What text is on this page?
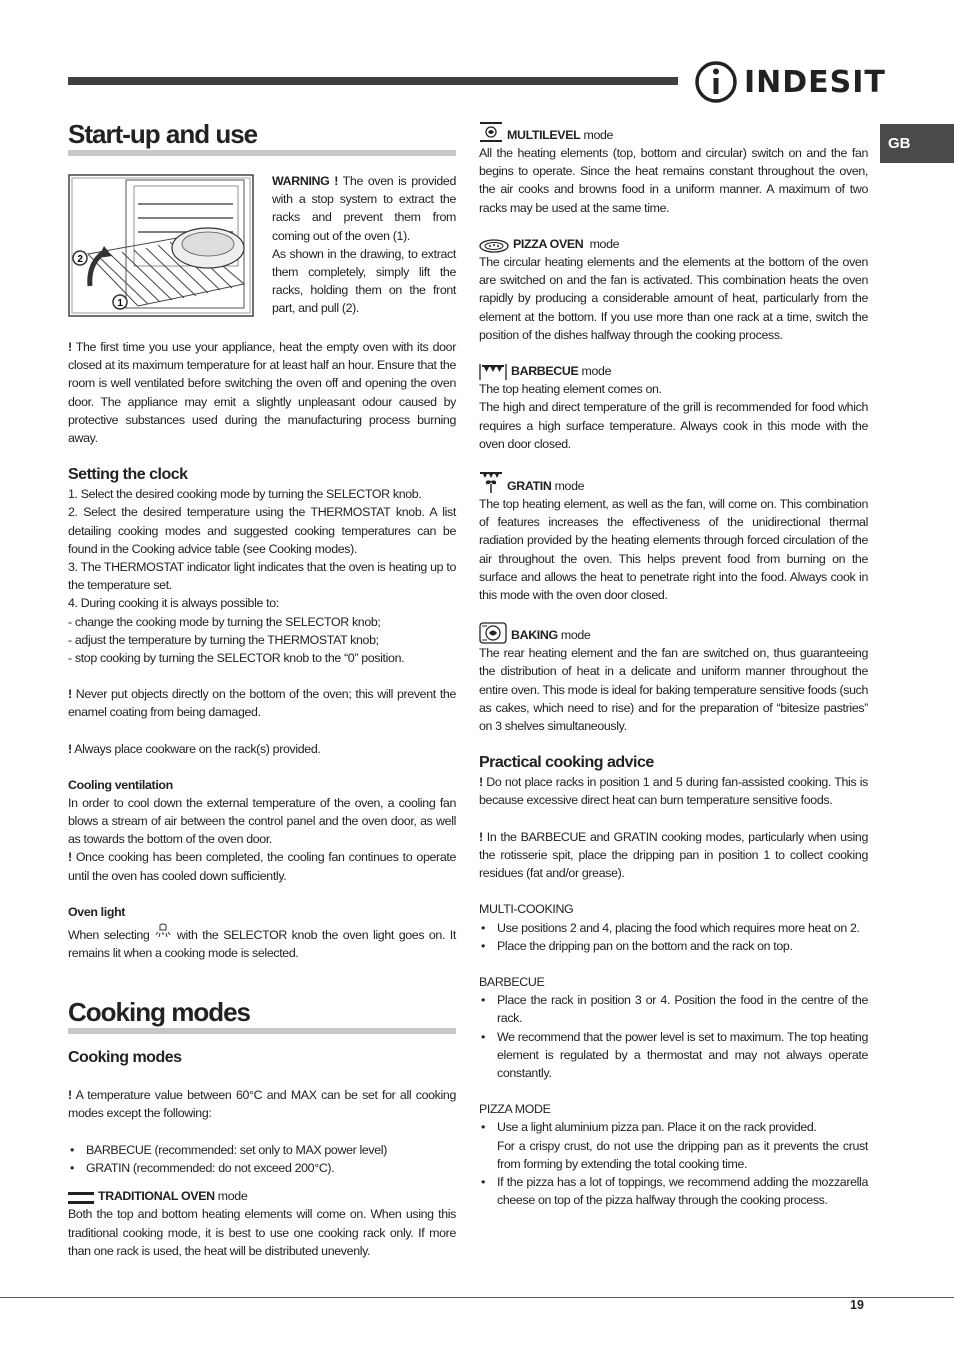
INDESIT
GB
Start-up and use
2
1

WARNING ! The oven is provided with a stop system to extract the racks and prevent them from coming out of the oven (1).
As shown in the drawing, to extract them completely, simply lift the racks, holding them on the front part, and pull (2).

! The first time you use your appliance, heat the empty oven with its door closed at its maximum temperature for at least half an hour. Ensure that the room is well ventilated before switching the oven off and opening the oven door. The appliance may emit a slightly unpleasant odour caused by protective substances used during the manufacturing process burning away.

Setting the clock

1. Select the desired cooking mode by turning the SELECTOR knob.

2. Select the desired temperature using the THERMOSTAT knob. A list detailing cooking modes and suggested cooking temperatures can be found in the Cooking advice table (see Cooking modes).

3. The THERMOSTAT indicator light indicates that the oven is heating up to the temperature set.

4. During cooking it is always possible to:

- change the cooking mode by turning the SELECTOR knob;

- adjust the temperature by turning the THERMOSTAT knob;

- stop cooking by turning the SELECTOR knob to the “0” position.

! Never put objects directly on the bottom of the oven; this will prevent the enamel coating from being damaged.

! Always place cookware on the rack(s) provided.

Cooling ventilation

In order to cool down the external temperature of the oven, a cooling fan blows a stream of air between the control panel and the oven door, as well as towards the bottom of the oven door.

! Once cooking has been completed, the cooling fan continues to operate until the oven has cooled down sufficiently.

Oven light

When selecting  with the SELECTOR knob the oven light goes on. It remains lit when a cooking mode is selected.

Cooking modes
Cooking modes

! A temperature value between 60°C and MAX can be set for all cooking modes except the following:

• BARBECUE (recommended: set only to MAX power level)
• GRATIN (recommended: do not exceed 200°C).
TRADITIONAL OVEN
mode

Both the top and bottom heating elements will come on. When using this traditional cooking mode, it is best to use one cooking rack only. If more than one rack is used, the heat will be distributed unevenly.

MULTILEVEL
mode

All the heating elements (top, bottom and circular) switch on and the fan begins to operate. Since the heat remains constant throughout the oven, the air cooks and browns food in a uniform manner. A maximum of two racks may be used at the same time.

PIZZA OVEN
mode

The circular heating elements and the elements at the bottom of the oven are switched on and the fan is activated. This combination heats the oven rapidly by producing a considerable amount of heat, particularly from the element at the bottom. If you use more than one rack at a time, switch the position of the dishes halfway through the cooking process.

BARBECUE
mode

The top heating element comes on.

The high and direct temperature of the grill is recommended for food which requires a high surface temperature. Always cook in this mode with the oven door closed.

GRATIN
mode

The top heating element, as well as the fan, will come on. This combination of features increases the effectiveness of the unidirectional thermal radiation provided by the heating elements through forced circulation of the air throughout the oven. This helps prevent food from burning on the surface and allows the heat to penetrate right into the food. Always cook in this mode with the oven door closed.

BAKING
mode

The rear heating element and the fan are switched on, thus guaranteeing the distribution of heat in a delicate and uniform manner throughout the entire oven. This mode is ideal for baking temperature sensitive foods (such as cakes, which need to rise) and for the preparation of “bitesize pastries” on 3 shelves simultaneously.

Practical cooking advice

! Do not place racks in position 1 and 5 during fan-assisted cooking. This is because excessive direct heat can burn temperature sensitive foods.

! In the BARBECUE and GRATIN cooking modes, particularly when using the rotisserie spit, place the dripping pan in position 1 to collect cooking residues (fat and/or grease).

MULTI-COOKING

• Use positions 2 and 4, placing the food which requires more heat on 2.
• Place the dripping pan on the bottom and the rack on top.

BARBECUE

• Place the rack in position 3 or 4. Position the food in the centre of the rack.
• We recommend that the power level is set to maximum. The top heating element is regulated by a thermostat and may not always operate constantly.

PIZZA MODE

• Use a light aluminium pizza pan. Place it on the rack provided.
For a crispy crust, do not use the dripping pan as it prevents the crust from forming by extending the total cooking time.
• If the pizza has a lot of toppings, we recommend adding the mozzarella cheese on top of the pizza halfway through the cooking process.
19
